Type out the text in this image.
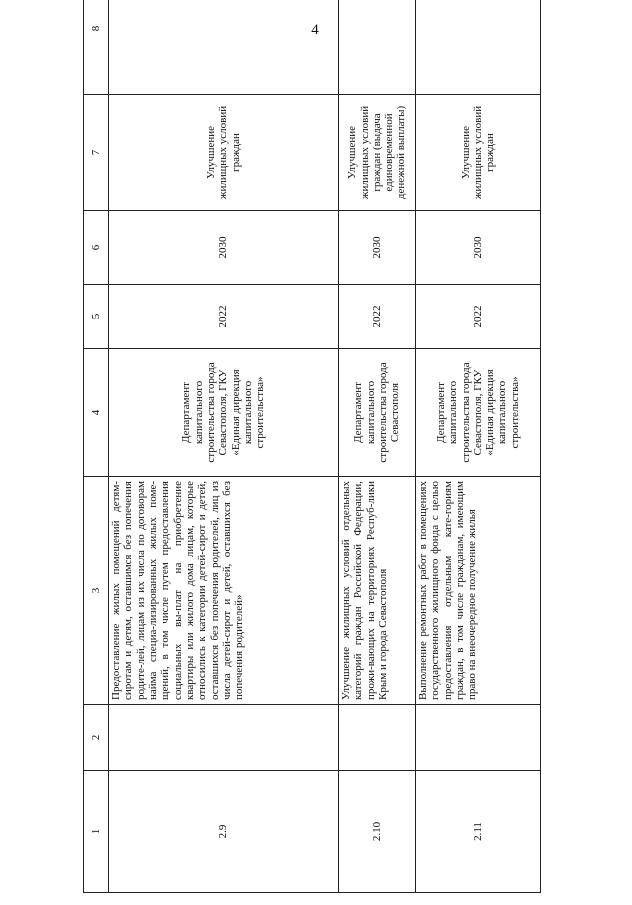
4
1	2	3	4	5	6	7	8
2.9		Предоставление жилых помещений детям-сиротам и детям, оставшимся без попечения родите-лей, лицам из их числа по договорам найма специа-лизированных жилых поме-щений, в том числе путем предоставления социальных вы-плат на приобретение квартиры или жилого дома лицам, которые относились к категории детей-сирот и детей, оставшихся без попечения родителей, лиц из числа детей-сирот и детей, оставшихся без попечения родителей»	Департамент капитального строительства города Севастополя, ГКУ «Единая дирекция капитального строительства»	2022	2030	Улучшение жилищных условий граждан	
2.10		Улучшение жилищных условий отдельных категорий граждан Российской Федерации, прожи-вающих на территориях Респуб-лики Крым и города Севастополя	Департамент капитального строительства города Севастополя	2022	2030	Улучшение жилищных условий граждан (выдача единовременной денежной выплаты)	
2.11		Выполнение ремонтных работ в помещениях государственного жилищного фонда с целью предоставления отдельным кате-гориям граждан, в том числе гражданам, имеющим право на внеочередное получение жилья	Департамент капитального строительства города Севастополя, ГКУ «Единая дирекция капитального строительства»	2022	2030	Улучшение жилищных условий граждан	
